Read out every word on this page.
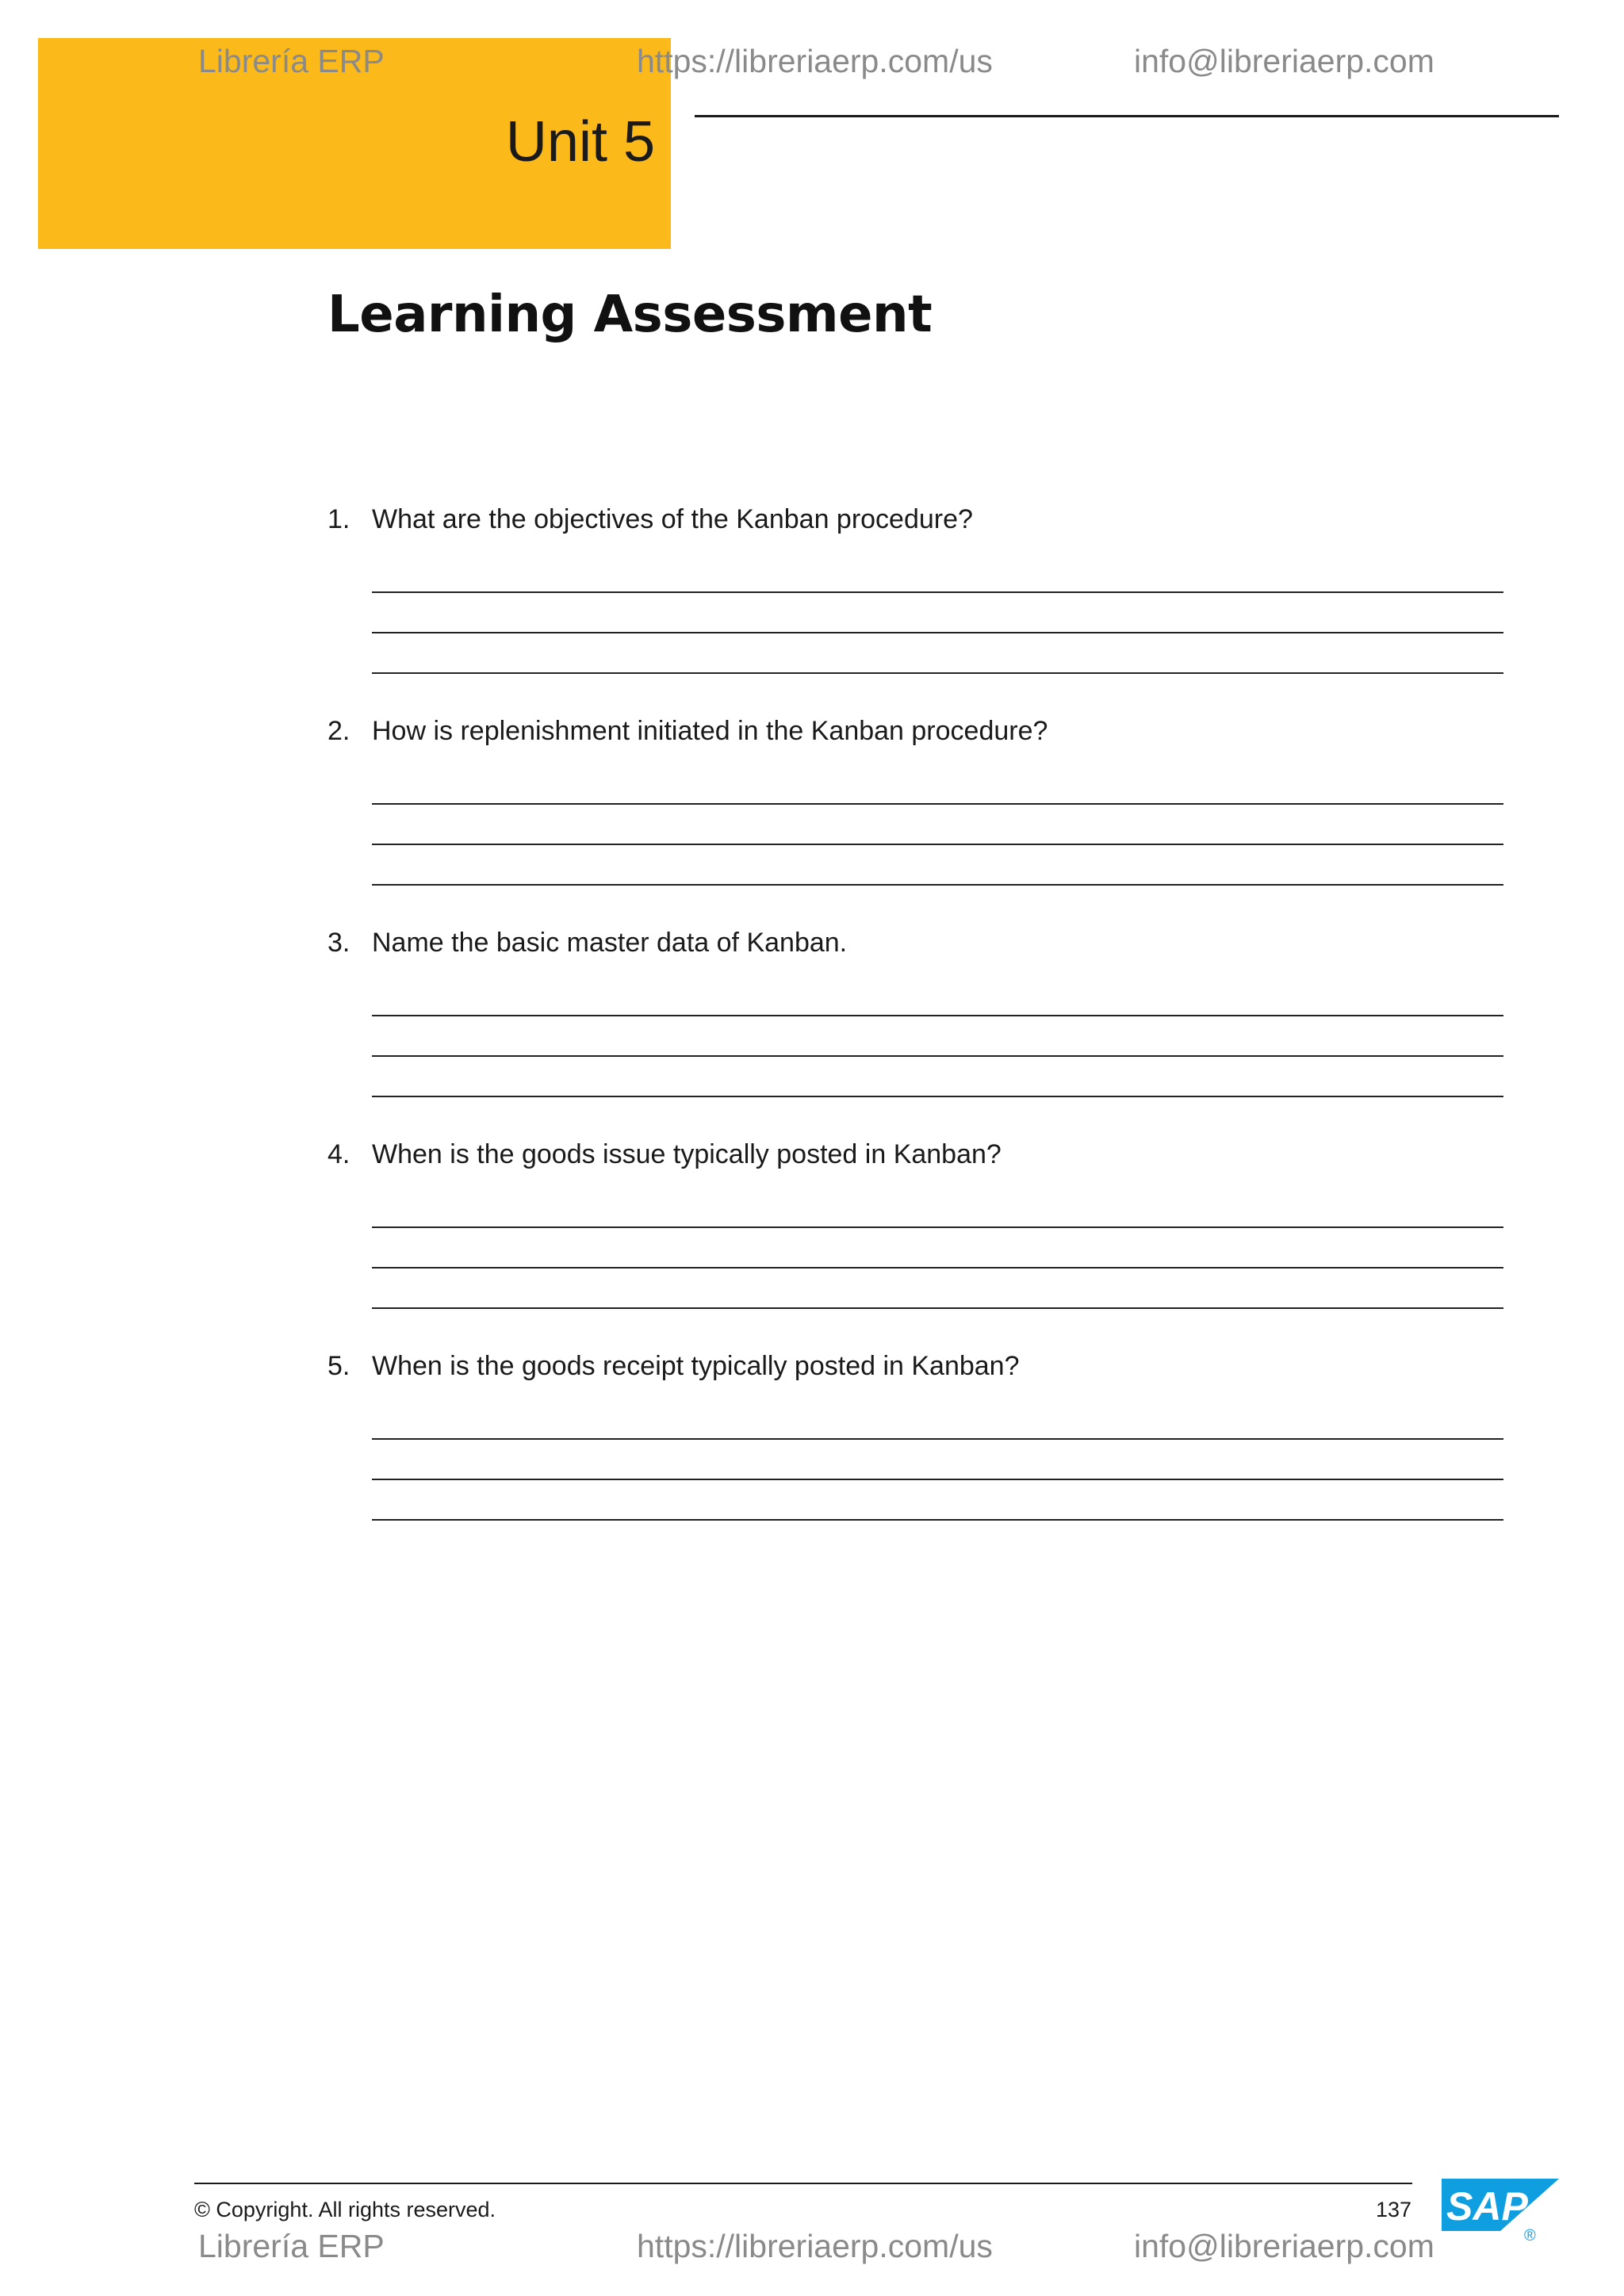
Unit 5
Librería ERP	https://libreriaerp.com/us	info@libreriaerp.com
Learning Assessment
1. What are the objectives of the Kanban procedure?
2. How is replenishment initiated in the Kanban procedure?
3. Name the basic master data of Kanban.
4. When is the goods issue typically posted in Kanban?
5. When is the goods receipt typically posted in Kanban?
© Copyright. All rights reserved.	137 SAP
®
Librería ERP	https://libreriaerp.com/us	info@libreriaerp.com
